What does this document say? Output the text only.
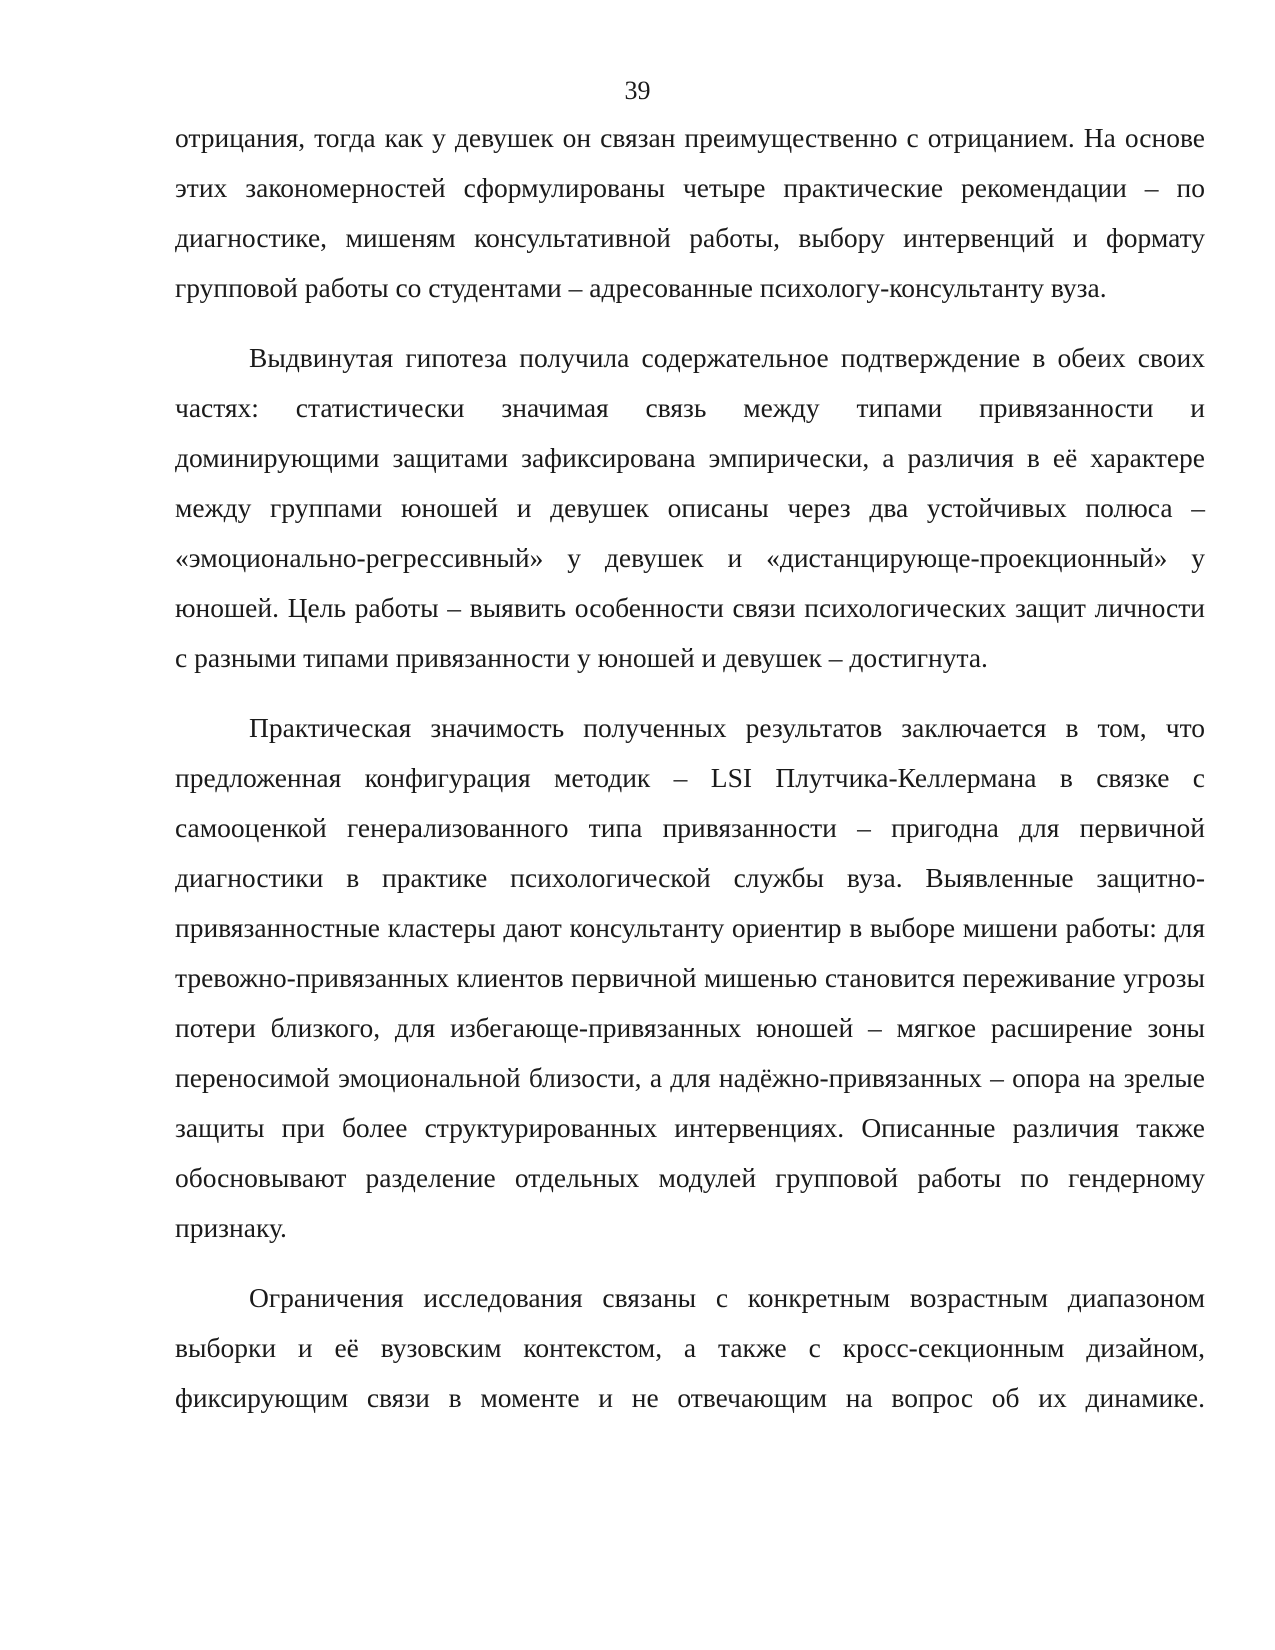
39

отрицания, тогда как у девушек он связан преимущественно с отрицанием. На основе этих закономерностей сформулированы четыре практические рекомендации – по диагностике, мишеням консультативной работы, выбору интервенций и формату групповой работы со студентами – адресованные психологу-консультанту вуза.

Выдвинутая гипотеза получила содержательное подтверждение в обеих своих частях: статистически значимая связь между типами привязанности и доминирующими защитами зафиксирована эмпирически, а различия в её характере между группами юношей и девушек описаны через два устойчивых полюса – «эмоционально-регрессивный» у девушек и «дистанцирующе-проекционный» у юношей. Цель работы – выявить особенности связи психологических защит личности с разными типами привязанности у юношей и девушек – достигнута.

Практическая значимость полученных результатов заключается в том, что предложенная конфигурация методик – LSI Плутчика-Келлермана в связке с самооценкой генерализованного типа привязанности – пригодна для первичной диагностики в практике психологической службы вуза. Выявленные защитно-привязанностные кластеры дают консультанту ориентир в выборе мишени работы: для тревожно-привязанных клиентов первичной мишенью становится переживание угрозы потери близкого, для избегающе-привязанных юношей – мягкое расширение зоны переносимой эмоциональной близости, а для надёжно-привязанных – опора на зрелые защиты при более структурированных интервенциях. Описанные различия также обосновывают разделение отдельных модулей групповой работы по гендерному признаку.

Ограничения исследования связаны с конкретным возрастным диапазоном выборки и её вузовским контекстом, а также с кросс-секционным дизайном, фиксирующим связи в моменте и не отвечающим на вопрос об их динамике.
